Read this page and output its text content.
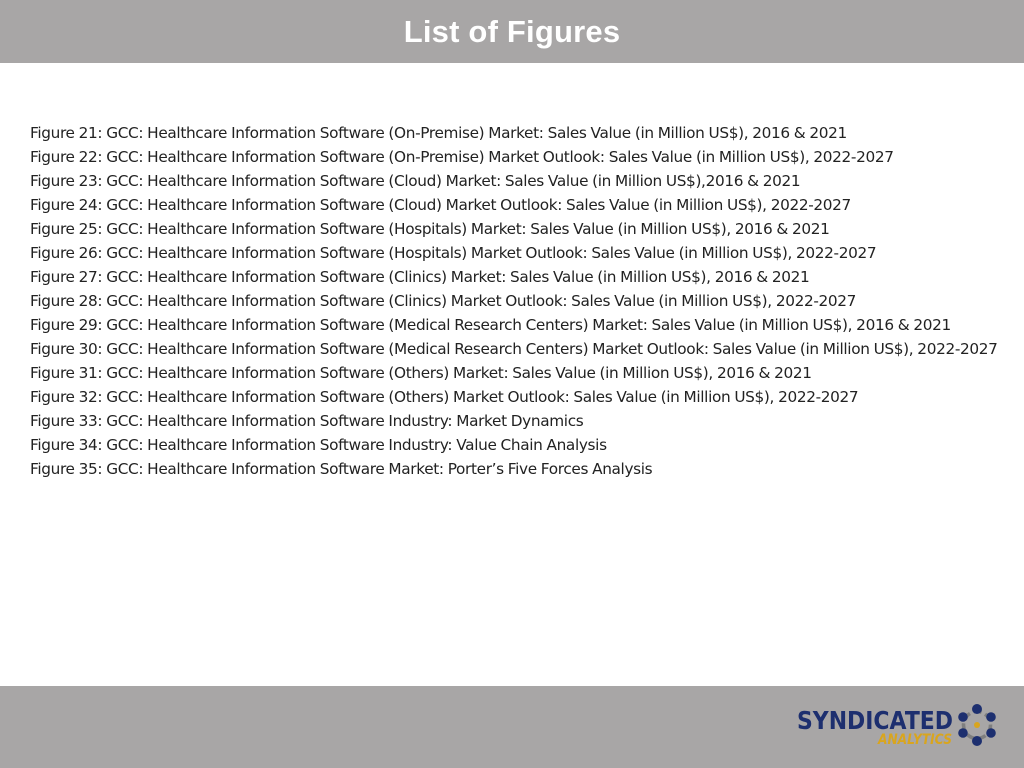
List of Figures
Figure 21: GCC: Healthcare Information Software (On-Premise) Market: Sales Value (in Million US$), 2016 & 2021
Figure 22: GCC: Healthcare Information Software (On-Premise) Market Outlook: Sales Value (in Million US$), 2022-2027
Figure 23: GCC: Healthcare Information Software (Cloud) Market: Sales Value (in Million US$),2016 & 2021
Figure 24: GCC: Healthcare Information Software (Cloud) Market Outlook: Sales Value (in Million US$), 2022-2027
Figure 25: GCC: Healthcare Information Software (Hospitals) Market: Sales Value (in Million US$), 2016 & 2021
Figure 26: GCC: Healthcare Information Software (Hospitals) Market Outlook: Sales Value (in Million US$), 2022-2027
Figure 27: GCC: Healthcare Information Software (Clinics) Market: Sales Value (in Million US$), 2016 & 2021
Figure 28: GCC: Healthcare Information Software (Clinics) Market Outlook: Sales Value (in Million US$), 2022-2027
Figure 29: GCC: Healthcare Information Software (Medical Research Centers) Market: Sales Value (in Million US$), 2016 & 2021
Figure 30: GCC: Healthcare Information Software (Medical Research Centers) Market Outlook: Sales Value (in Million US$), 2022-2027
Figure 31: GCC: Healthcare Information Software (Others) Market: Sales Value (in Million US$), 2016 & 2021
Figure 32: GCC: Healthcare Information Software (Others) Market Outlook: Sales Value (in Million US$), 2022-2027
Figure 33: GCC: Healthcare Information Software Industry: Market Dynamics
Figure 34: GCC: Healthcare Information Software Industry: Value Chain Analysis
Figure 35: GCC: Healthcare Information Software Market: Porter’s Five Forces Analysis
SYNDICATED
ANALYTICS
